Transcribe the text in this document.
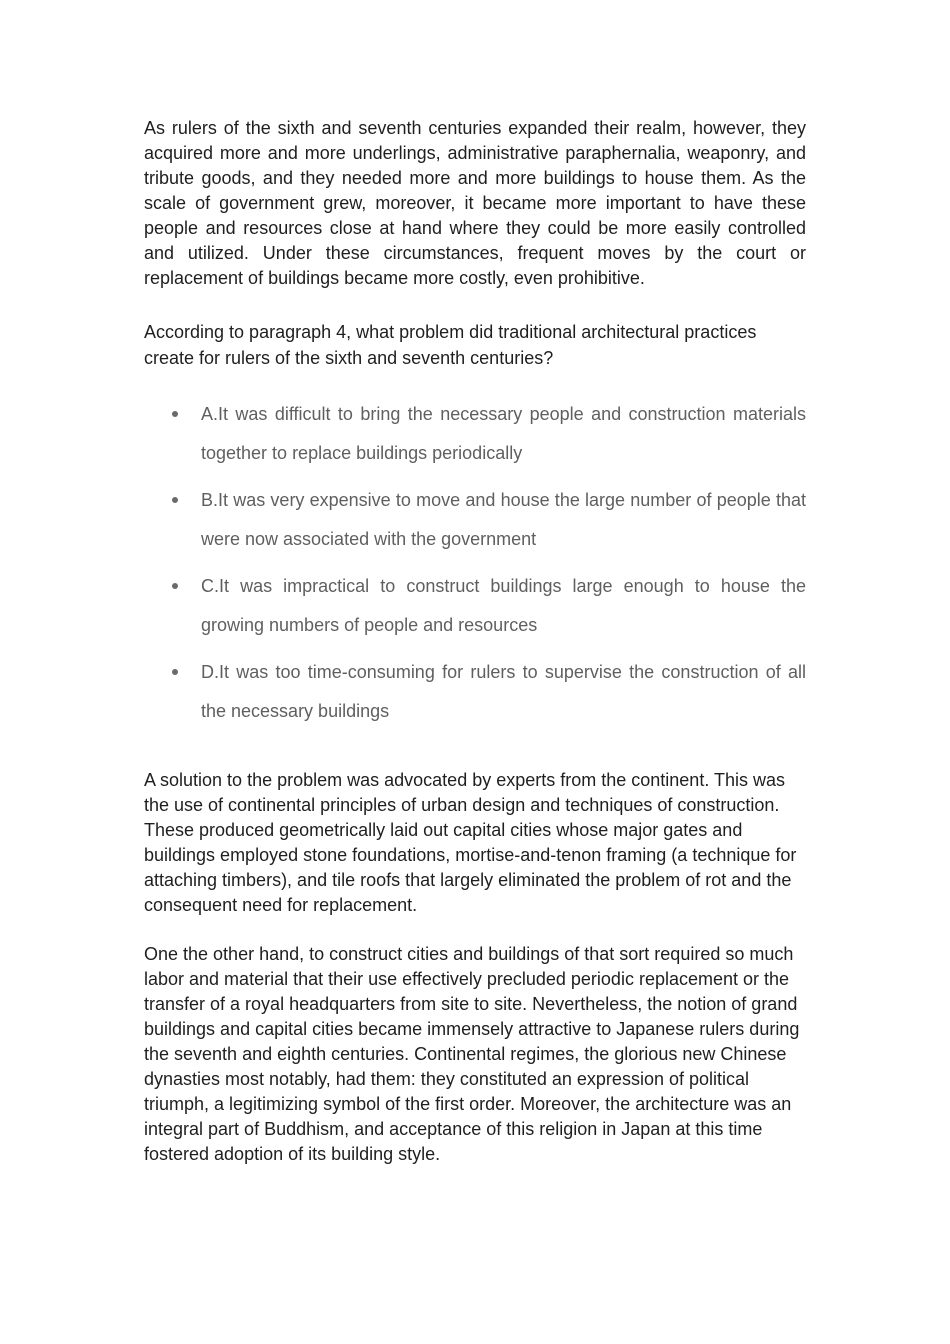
As rulers of the sixth and seventh centuries expanded their realm, however, they acquired more and more underlings, administrative paraphernalia, weaponry, and tribute goods, and they needed more and more buildings to house them. As the scale of government grew, moreover, it became more important to have these people and resources close at hand where they could be more easily controlled and utilized. Under these circumstances, frequent moves by the court or replacement of buildings became more costly, even prohibitive.

According to paragraph 4, what problem did traditional architectural practices create for rulers of the sixth and seventh centuries?

A.It was difficult to bring the necessary people and construction materials together to replace buildings periodically
B.It was very expensive to move and house the large number of people that were now associated with the government
C.It was impractical to construct buildings large enough to house the growing numbers of people and resources
D.It was too time-consuming for rulers to supervise the construction of all the necessary buildings

A solution to the problem was advocated by experts from the continent. This was the use of continental principles of urban design and techniques of construction. These produced geometrically laid out capital cities whose major gates and buildings employed stone foundations, mortise-and-tenon framing (a technique for attaching timbers), and tile roofs that largely eliminated the problem of rot and the consequent need for replacement.

One the other hand, to construct cities and buildings of that sort required so much labor and material that their use effectively precluded periodic replacement or the transfer of a royal headquarters from site to site. Nevertheless, the notion of grand buildings and capital cities became immensely attractive to Japanese rulers during the seventh and eighth centuries. Continental regimes, the glorious new Chinese dynasties most notably, had them: they constituted an expression of political triumph, a legitimizing symbol of the first order. Moreover, the architecture was an integral part of Buddhism, and acceptance of this religion in Japan at this time fostered adoption of its building style.
